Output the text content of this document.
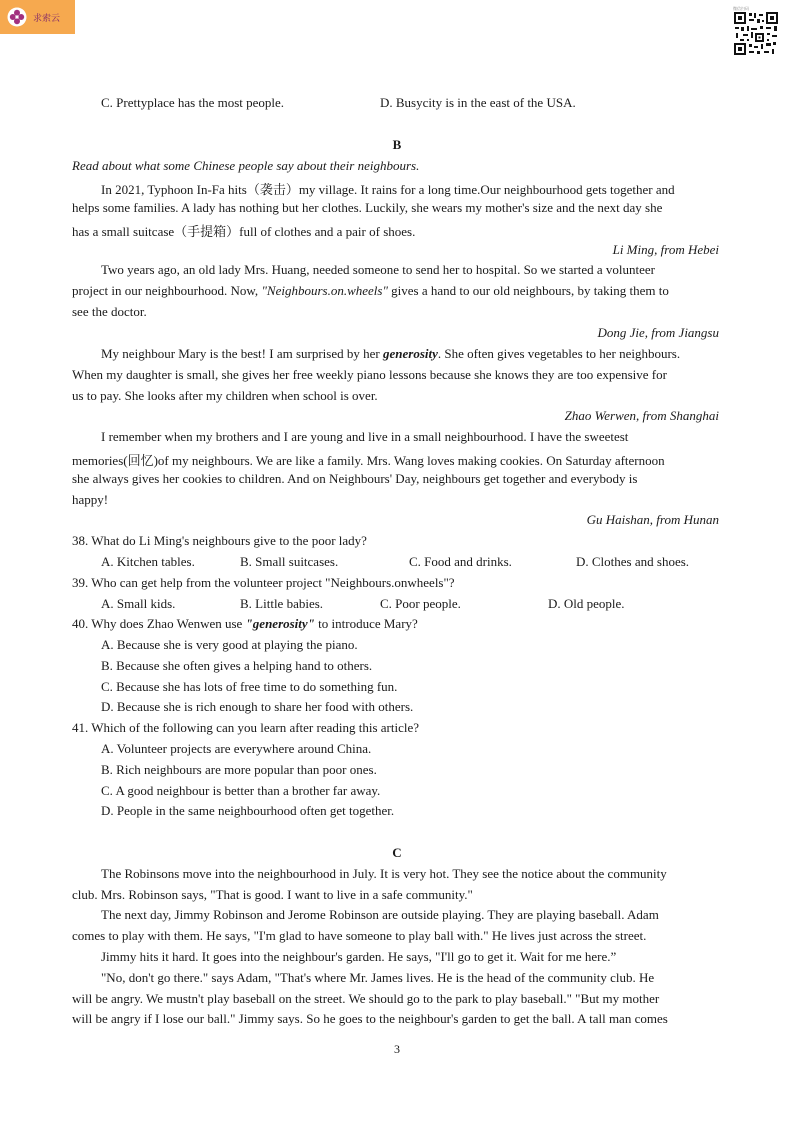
求索云
微信扫码
C. Prettyplace has the most people.	D. Busycity is in the east of the USA.
B
Read about what some Chinese people say about their neighbours.
In 2021, Typhoon In-Fa hits（袭击）my village. It rains for a long time.Our neighbourhood gets together and
helps some families. A lady has nothing but her clothes. Luckily, she wears my mother's size and the next day she
has a small suitcase（手提箱）full of clothes and a pair of shoes.
Li Ming, from Hebei
Two years ago, an old lady Mrs. Huang, needed someone to send her to hospital. So we started a volunteer
project in our neighbourhood. Now, "Neighbours.on.wheels" gives a hand to our old neighbours, by taking them to
see the doctor.
Dong Jie, from Jiangsu
My neighbour Mary is the best! I am surprised by her generosity. She often gives vegetables to her neighbours.
When my daughter is small, she gives her free weekly piano lessons because she knows they are too expensive for
us to pay. She looks after my children when school is over.
Zhao Werwen, from Shanghai
I remember when my brothers and I are young and live in a small neighbourhood. I have the sweetest
memories(回忆)of my neighbours. We are like a family. Mrs. Wang loves making cookies. On Saturday afternoon
she always gives her cookies to children. And on Neighbours' Day, neighbours get together and everybody is
happy!
Gu Haishan, from Hunan
38. What do Li Ming's neighbours give to the poor lady?
A. Kitchen tables.	B. Small suitcases.	C. Food and drinks.	D. Clothes and shoes.
39. Who can get help from the volunteer project "Neighbours.onwheels"?
A. Small kids.	B. Little babies.	C. Poor people.	D. Old people.
40. Why does Zhao Wenwen use "generosity" to introduce Mary?
A. Because she is very good at playing the piano.
B. Because she often gives a helping hand to others.
C. Because she has lots of free time to do something fun.
D. Because she is rich enough to share her food with others.
41. Which of the following can you learn after reading this article?
A. Volunteer projects are everywhere around China.
B. Rich neighbours are more popular than poor ones.
C. A good neighbour is better than a brother far away.
D. People in the same neighbourhood often get together.
C
The Robinsons move into the neighbourhood in July. It is very hot. They see the notice about the community
club. Mrs. Robinson says, "That is good. I want to live in a safe community."
The next day, Jimmy Robinson and Jerome Robinson are outside playing. They are playing baseball. Adam
comes to play with them. He says, "I'm glad to have someone to play ball with." He lives just across the street.
Jimmy hits it hard. It goes into the neighbour's garden. He says, "I'll go to get it. Wait for me here.”
"No, don't go there." says Adam, "That's where Mr. James lives. He is the head of the community club. He
will be angry. We mustn't play baseball on the street. We should go to the park to play baseball." "But my mother
will be angry if I lose our ball." Jimmy says. So he goes to the neighbour's garden to get the ball. A tall man comes
3
